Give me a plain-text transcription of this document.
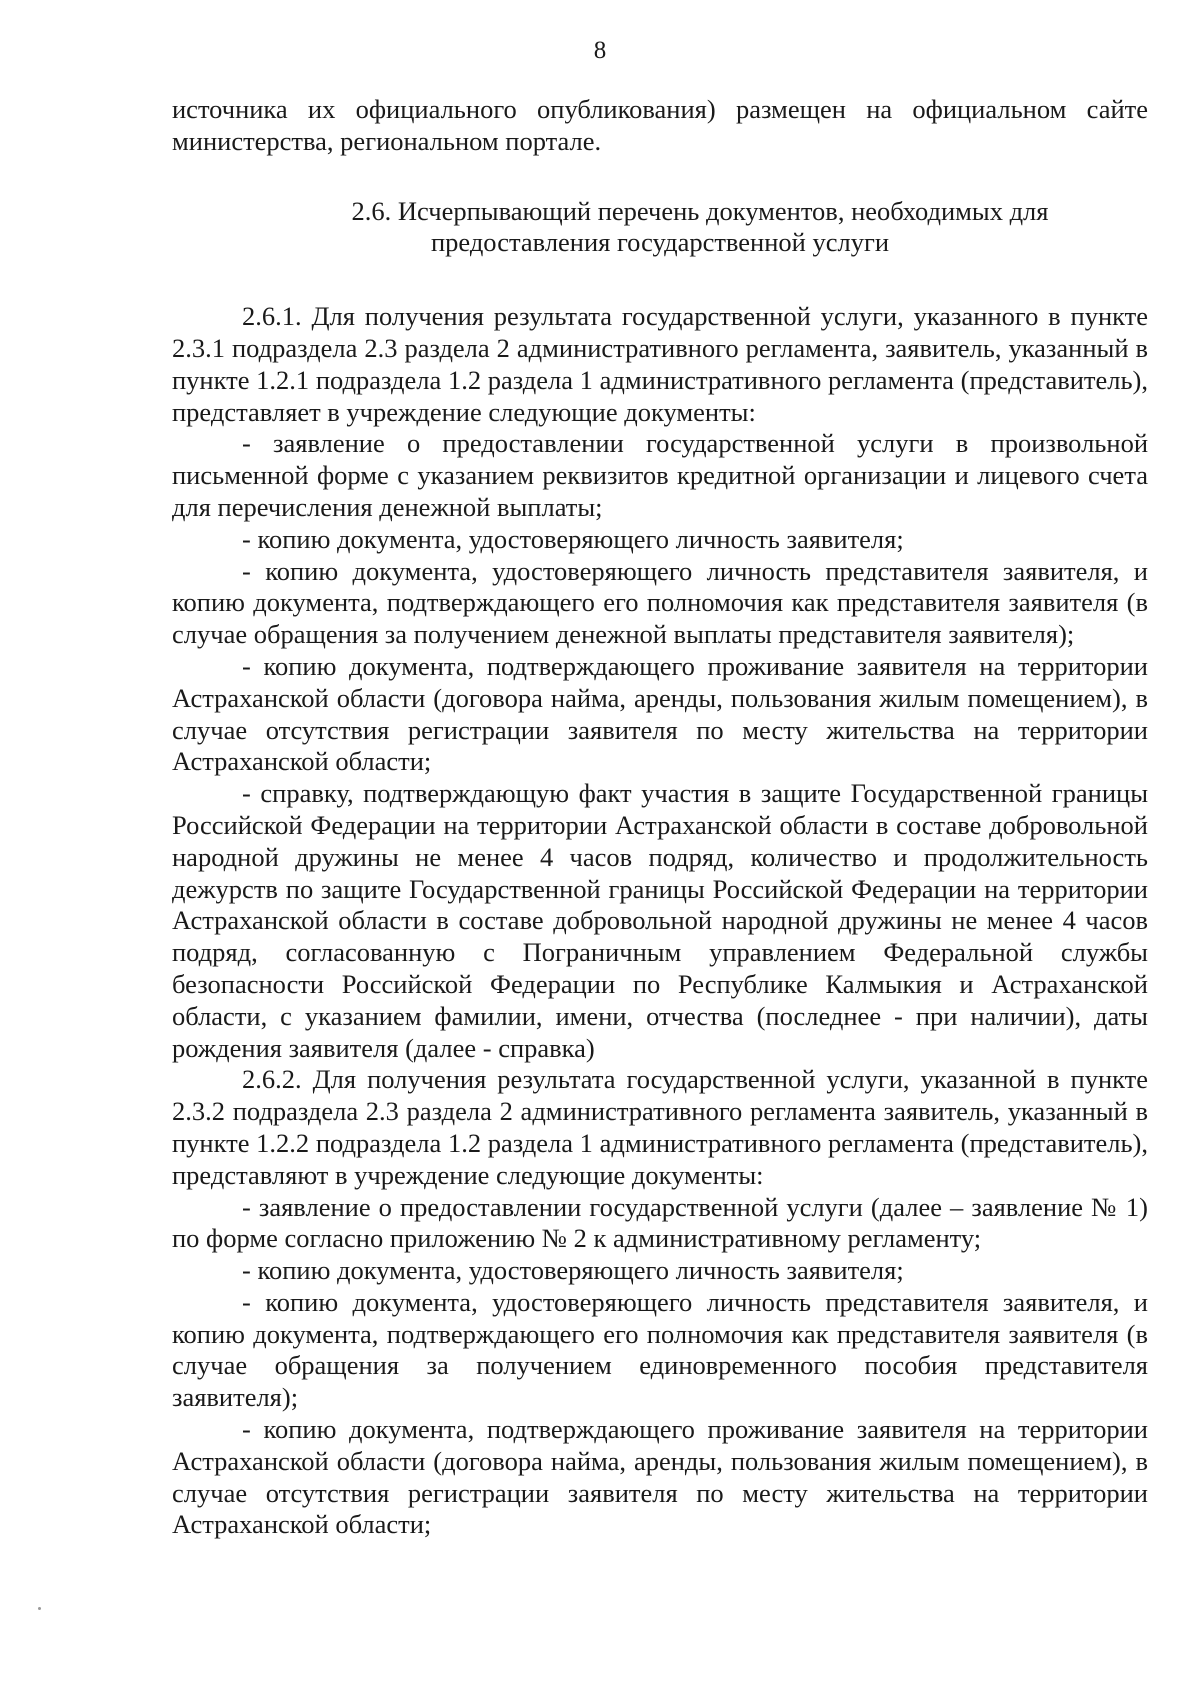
8

источника их официального опубликования) размещен на официальном сайте министерства, региональном портале.

2.6. Исчерпывающий перечень документов, необходимых для
предоставления государственной услуги

2.6.1. Для получения результата государственной услуги, указанного в пункте 2.3.1 подраздела 2.3 раздела 2 административного регламента, заявитель, указанный в пункте 1.2.1 подраздела 1.2 раздела 1 административного регламента (представитель), представляет в учреждение следующие документы:

- заявление о предоставлении государственной услуги в произвольной письменной форме с указанием реквизитов кредитной организации и лицевого счета для перечисления денежной выплаты;

- копию документа, удостоверяющего личность заявителя;

- копию документа, удостоверяющего личность представителя заявителя, и копию документа, подтверждающего его полномочия как представителя заявителя (в случае обращения за получением денежной выплаты представителя заявителя);

- копию документа, подтверждающего проживание заявителя на территории Астраханской области (договора найма, аренды, пользования жилым помещением), в случае отсутствия регистрации заявителя по месту жительства на территории Астраханской области;

- справку, подтверждающую факт участия в защите Государственной границы Российской Федерации на территории Астраханской области в составе добровольной народной дружины не менее 4 часов подряд, количество и продолжительность дежурств по защите Государственной границы Российской Федерации на территории Астраханской области в составе добровольной народной дружины не менее 4 часов подряд, согласованную с Пограничным управлением Федеральной службы безопасности Российской Федерации по Республике Калмыкия и Астраханской области, с указанием фамилии, имени, отчества (последнее - при наличии), даты рождения заявителя (далее - справка)

2.6.2. Для получения результата государственной услуги, указанной в пункте 2.3.2 подраздела 2.3 раздела 2 административного регламента заявитель, указанный в пункте 1.2.2 подраздела 1.2 раздела 1 административного регламента (представитель), представляют в учреждение следующие документы:

- заявление о предоставлении государственной услуги (далее – заявление № 1) по форме согласно приложению № 2 к административному регламенту;

- копию документа, удостоверяющего личность заявителя;

- копию документа, удостоверяющего личность представителя заявителя, и копию документа, подтверждающего его полномочия как представителя заявителя (в случае обращения за получением единовременного пособия представителя заявителя);

- копию документа, подтверждающего проживание заявителя на территории Астраханской области (договора найма, аренды, пользования жилым помещением), в случае отсутствия регистрации заявителя по месту жительства на территории Астраханской области;
